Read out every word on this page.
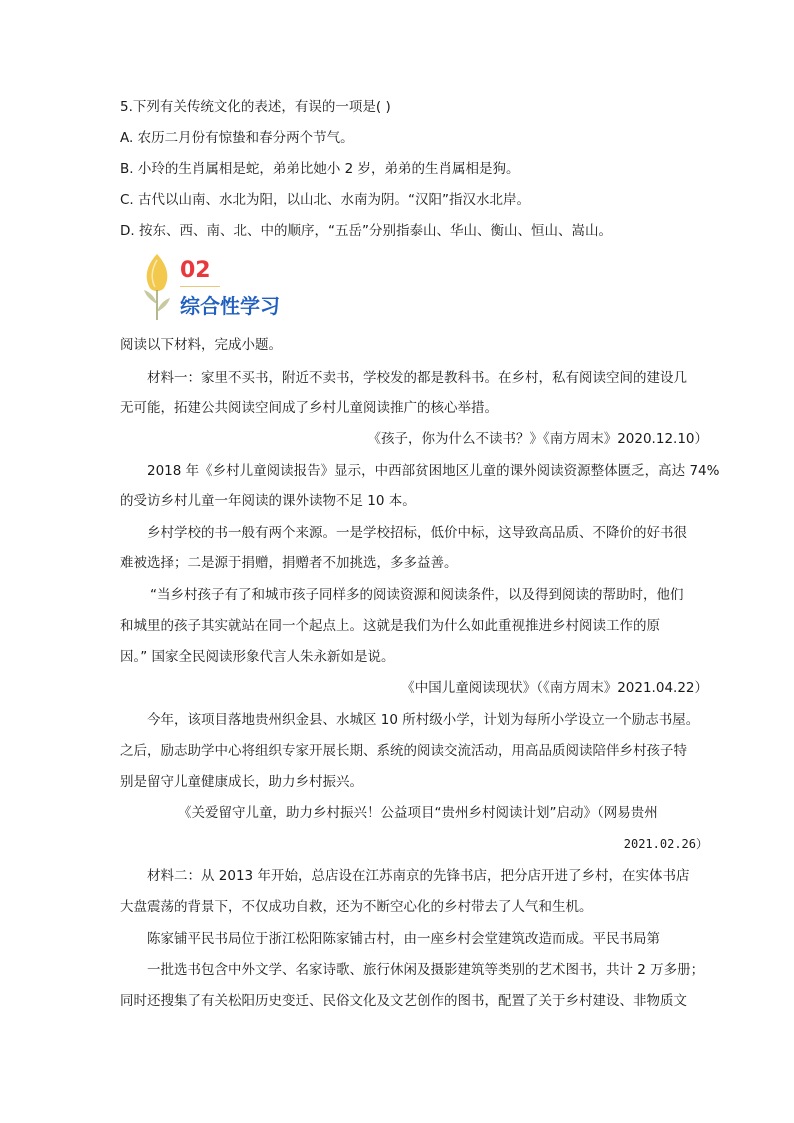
5.下列有关传统文化的表述，有误的一项是( )
A. 农历二月份有惊蛰和春分两个节气。
B. 小玲的生肖属相是蛇，弟弟比她小 2 岁，弟弟的生肖属相是狗。
C. 古代以山南、水北为阳，以山北、水南为阴。“汉阳”指汉水北岸。
D. 按东、西、南、北、中的顺序，“五岳”分别指泰山、华山、衡山、恒山、嵩山。
02
综合性学习
阅读以下材料，完成小题。
材料一：家里不买书，附近不卖书，学校发的都是教科书。在乡村，私有阅读空间的建设几
无可能，拓建公共阅读空间成了乡村儿童阅读推广的核心举措。
《孩子，你为什么不读书？》《南方周末》2020.12.10）
2018 年《乡村儿童阅读报告》显示，中西部贫困地区儿童的课外阅读资源整体匮乏，高达 74%
的受访乡村儿童一年阅读的课外读物不足 10 本。
乡村学校的书一般有两个来源。一是学校招标，低价中标，这导致高品质、不降价的好书很
难被选择；二是源于捐赠，捐赠者不加挑选，多多益善。
“当乡村孩子有了和城市孩子同样多的阅读资源和阅读条件，以及得到阅读的帮助时，他们
和城里的孩子其实就站在同一个起点上。这就是我们为什么如此重视推进乡村阅读工作的原
因。” 国家全民阅读形象代言人朱永新如是说。
《中国儿童阅读现状》（《南方周末》2021.04.22）
今年，该项目落地贵州织金县、水城区 10 所村级小学，计划为每所小学设立一个励志书屋。
之后，励志助学中心将组织专家开展长期、系统的阅读交流活动，用高品质阅读陪伴乡村孩子特
别是留守儿童健康成长，助力乡村振兴。
《关爱留守儿童，助力乡村振兴！公益项目“贵州乡村阅读计划”启动》（网易贵州
2021.02.26）
材料二：从 2013 年开始，总店设在江苏南京的先锋书店，把分店开进了乡村，在实体书店
大盘震荡的背景下，不仅成功自救，还为不断空心化的乡村带去了人气和生机。
陈家铺平民书局位于浙江松阳陈家铺古村，由一座乡村会堂建筑改造而成。平民书局第
一批选书包含中外文学、名家诗歌、旅行休闲及摄影建筑等类别的艺术图书，共计 2 万多册；
同时还搜集了有关松阳历史变迁、民俗文化及文艺创作的图书，配置了关于乡村建设、非物质文
